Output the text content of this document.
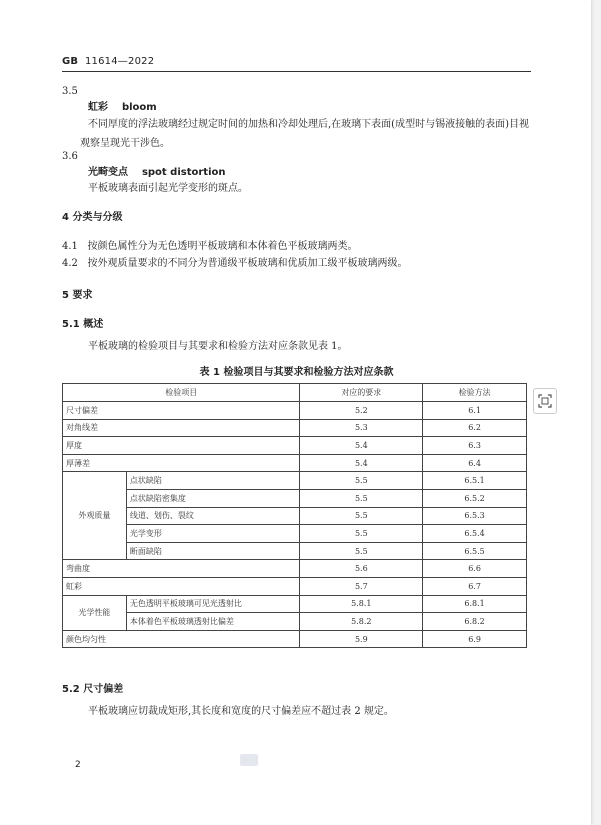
GB 11614—2022
3.5
虹彩 bloom
不同厚度的浮法玻璃经过规定时间的加热和冷却处理后,在玻璃下表面(成型时与锡液接触的表面)目视观察呈现光干涉色。
3.6
光畸变点 spot distortion
平板玻璃表面引起光学变形的斑点。
4 分类与分级
4.1 按颜色属性分为无色透明平板玻璃和本体着色平板玻璃两类。
4.2 按外观质量要求的不同分为普通级平板玻璃和优质加工级平板玻璃两级。
5 要求
5.1 概述
平板玻璃的检验项目与其要求和检验方法对应条款见表 1。
表 1 检验项目与其要求和检验方法对应条款
检验项目		对应的要求	检验方法
尺寸偏差		5.2	6.1
对角线差		5.3	6.2
厚度		5.4	6.3
厚薄差		5.4	6.4
外观质量	点状缺陷	5.5	6.5.1
	点状缺陷密集度	5.5	6.5.2
	线道、划伤、裂纹	5.5	6.5.3
	光学变形	5.5	6.5.4
	断面缺陷	5.5	6.5.5
弯曲度		5.6	6.6
虹彩		5.7	6.7
光学性能	无色透明平板玻璃可见光透射比	5.8.1	6.8.1
	本体着色平板玻璃透射比偏差	5.8.2	6.8.2
颜色均匀性		5.9	6.9
5.2 尺寸偏差
平板玻璃应切裁成矩形,其长度和宽度的尺寸偏差应不超过表 2 规定。
2
